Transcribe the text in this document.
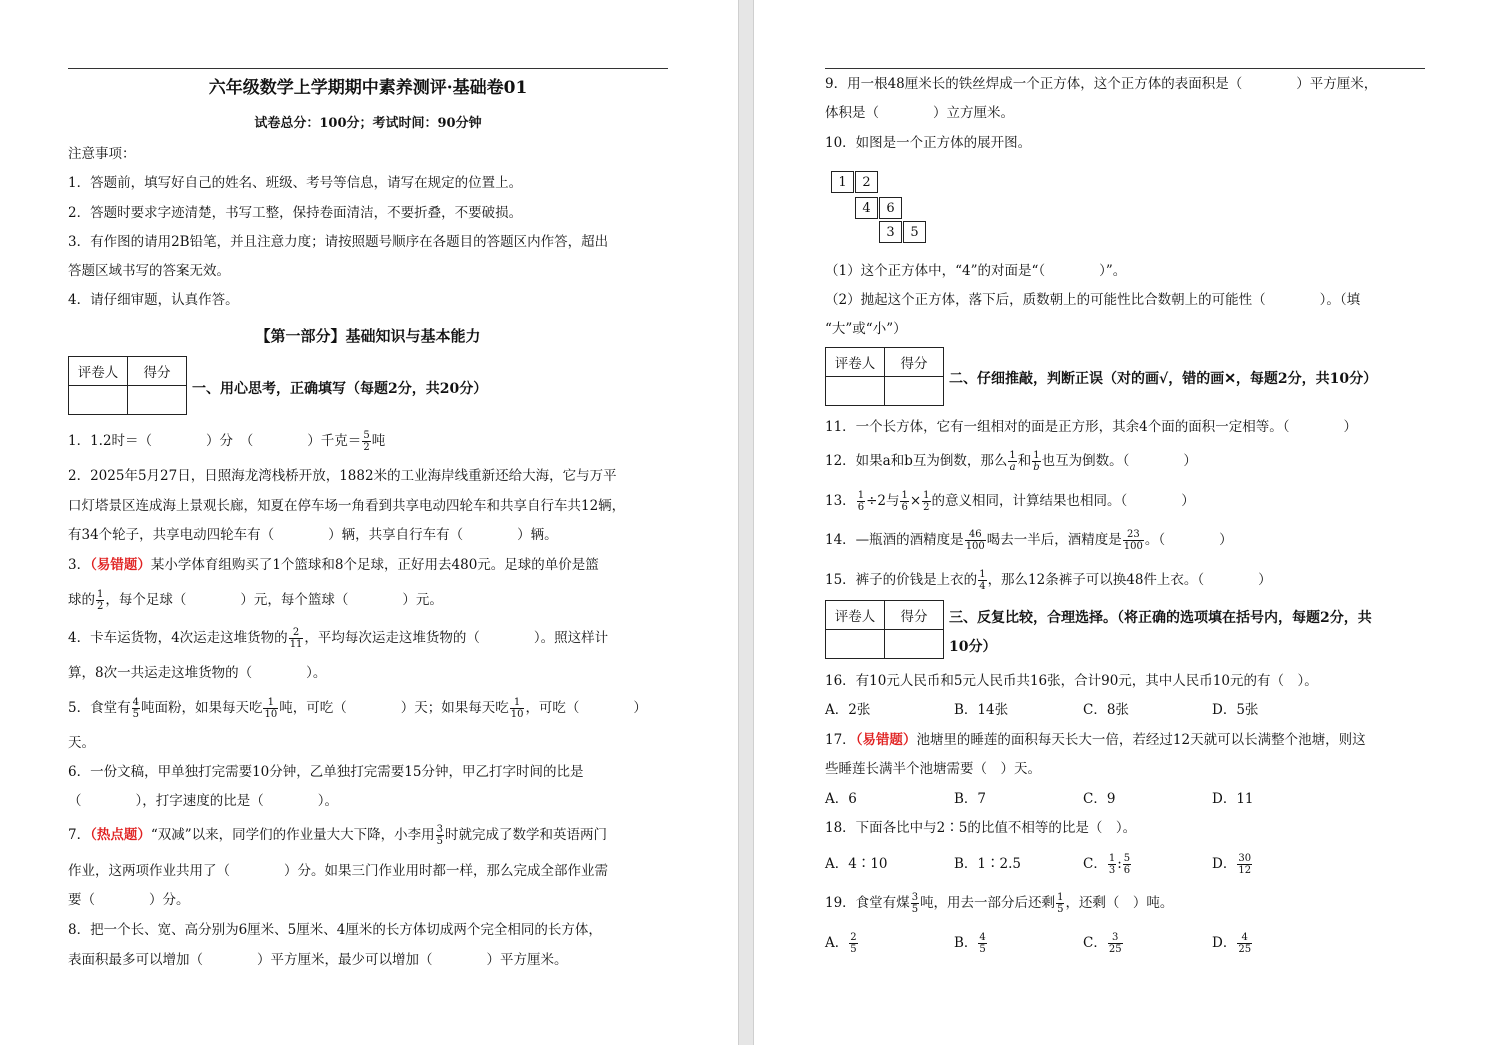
六年级数学上学期期中素养测评·基础卷01
试卷总分：100分；考试时间：90分钟
注意事项：
1．答题前，填写好自己的姓名、班级、考号等信息，请写在规定的位置上。
2．答题时要求字迹清楚，书写工整，保持卷面清洁，不要折叠，不要破损。
3．有作图的请用2B铅笔，并且注意力度；请按照题号顺序在各题目的答题区内作答，超出
答题区域书写的答案无效。
4．请仔细审题，认真作答。
【第一部分】基础知识与基本能力
评卷人	得分

一、用心思考，正确填写（每题2分，共20分）
1．1.2时＝（　　　　）分　（　　　　）千克＝ $\frac{5}{2}$ 吨
2．2025年5月27日，日照海龙湾栈桥开放，1882米的工业海岸线重新还给大海，它与万平
口灯塔景区连成海上景观长廊，知夏在停车场一角看到共享电动四轮车和共享自行车共12辆，
有34个轮子，共享电动四轮车有（　　　　）辆，共享自行车有（　　　　）辆。
3．（易错题）某小学体育组购买了1个篮球和8个足球，正好用去480元。足球的单价是篮
球的 $\frac{1}{2}$ ，每个足球（　　　　）元，每个篮球（　　　　）元。
4．卡车运货物，4次运走这堆货物的 $\frac{2}{11}$ ，平均每次运走这堆货物的（　　　　）。照这样计
算，8次一共运走这堆货物的（　　　　）。
5．食堂有 $\frac{4}{5}$ 吨面粉，如果每天吃 $\frac{1}{10}$ 吨，可吃（　　　　）天；如果每天吃 $\frac{1}{10}$ ，可吃（　　　　）
天。
6．一份文稿，甲单独打完需要10分钟，乙单独打完需要15分钟，甲乙打字时间的比是
（　　　　），打字速度的比是（　　　　）。
7．（热点题）“双减”以来，同学们的作业量大大下降，小李用 $\frac{3}{5}$ 时就完成了数学和英语两门
作业，这两项作业共用了（　　　　）分。如果三门作业用时都一样，那么完成全部作业需
要（　　　　）分。
8．把一个长、宽、高分别为6厘米、5厘米、4厘米的长方体切成两个完全相同的长方体，
表面积最多可以增加（　　　　）平方厘米，最少可以增加（　　　　）平方厘米。
9．用一根48厘米长的铁丝焊成一个正方体，这个正方体的表面积是（　　　　）平方厘米，
体积是（　　　　）立方厘米。
10．如图是一个正方体的展开图。
1	2
4	6
3	5
（1）这个正方体中，“4”的对面是“（　　　　）”。
（2）抛起这个正方体，落下后，质数朝上的可能性比合数朝上的可能性（　　　　）。（填
“大”或“小”）
评卷人	得分

二、仔细推敲，判断正误（对的画√，错的画✕，每题2分，共10分）
11．一个长方体，它有一组相对的面是正方形，其余4个面的面积一定相等。（　　　　）
12．如果a和b互为倒数，那么 $\frac{1}{a}$ 和 $\frac{1}{b}$ 也互为倒数。（　　　　）
13． $\frac{1}{6} \div 2$与 $\frac{1}{6} \times \frac{1}{2}$ 的意义相同，计算结果也相同。（　　　　）
14．—瓶酒的酒精度是 $\frac{46}{100}$ 喝去一半后，酒精度是 $\frac{23}{100}$ 。（　　　　）
15．裤子的价钱是上衣的 $\frac{1}{4}$ ，那么12条裤子可以换48件上衣。（　　　　）
评卷人	得分
	三、反复比较，合理选择。（将正确的选项填在括号内，每题2分，共
10分）
16．有10元人民币和5元人民币共16张，合计90元，其中人民币10元的有（　）。
A．2张	B．14张	C．8张	D．5张
17．（易错题）池塘里的睡莲的面积每天长大一倍，若经过12天就可以长满整个池塘，则这
些睡莲长满半个池塘需要（　）天。
A．6	B．7	C．9	D．11
18．下面各比中与2∶5的比值不相等的比是（　）。
A．4∶10	B．1∶2.5	C． $\frac{1}{3}$ : $\frac{5}{6}$	D． $\frac{30}{12}$
19．食堂有煤 $\frac{3}{5}$ 吨，用去一部分后还剩 $\frac{1}{5}$ ，还剩（　）吨。
A． $\frac{2}{5}$	B． $\frac{4}{5}$	C． $\frac{3}{25}$	D． $\frac{4}{25}$
